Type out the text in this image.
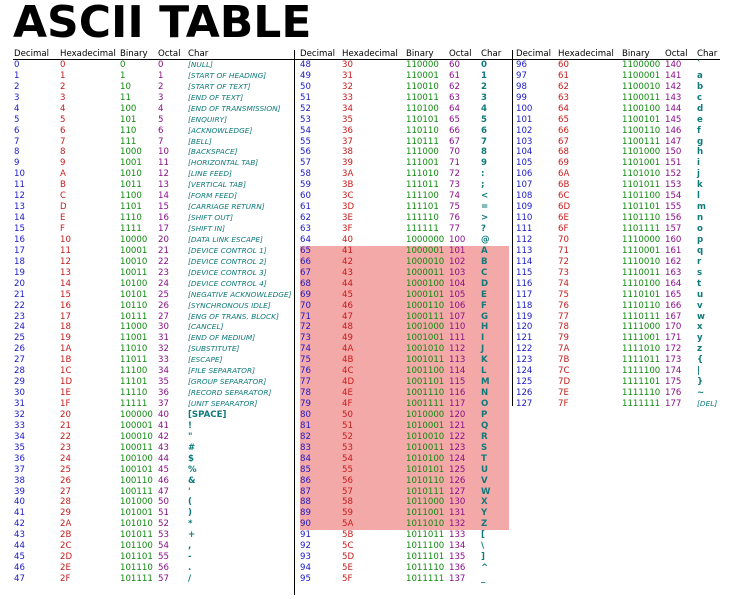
ASCII TABLE
Decimal	Hexadecimal Binary	Octal Char
0	0	0	0	[NULL]
1	1	1	1	[START OF HEADING]
2	2	10	2	[START OF TEXT]
3	3	11	3	[END OF TEXT]
4	4	100	4	[END OF TRANSMISSION]
5	5	101	5	[ENQUIRY]
6	6	110	6	[ACKNOWLEDGE]
7	7	111	7	[BELL]
8	8	1000	10	[BACKSPACE]
9	9	1001	11	[HORIZONTAL TAB]
10	A	1010	12	[LINE FEED]
11	B	1011	13	[VERTICAL TAB]
12	C	1100	14	[FORM FEED]
13	D	1101	15	[CARRIAGE RETURN]
14	E	1110	16	[SHIFT OUT]
15	F	1111	17	[SHIFT IN]
16	10	10000	20	[DATA LINK ESCAPE]
17	11	10001	21	[DEVICE CONTROL 1]
18	12	10010	22	[DEVICE CONTROL 2]
19	13	10011	23	[DEVICE CONTROL 3]
20	14	10100	24	[DEVICE CONTROL 4]
21	15	10101	25	[NEGATIVE ACKNOWLEDGE]
22	16	10110	26	[SYNCHRONOUS IDLE]
23	17	10111	27	[ENG OF TRANS. BLOCK]
24	18	11000	30	[CANCEL]
25	19	11001	31	[END OF MEDIUM]
26	1A	11010	32	[SUBSTITUTE]
27	1B	11011	33	[ESCAPE]
28	1C	11100	34	[FILE SEPARATOR]
29	1D	11101	35	[GROUP SEPARATOR]
30	1E	11110	36	[RECORD SEPARATOR]
31	1F	11111	37	[UNIT SEPARATOR]
32	20	100000 40	[SPACE]
33	21	100001 41	!
34	22	100010 42	"
35	23	100011 43	#
36	24	100100 44	$
37	25	100101 45	%
38	26	100110 46	&
39	27	100111 47	'
40	28	101000 50	(
41	29	101001 51	)
42	2A	101010 52	*
43	2B	101011 53	+
44	2C	101100 54	,
45	2D	101101 55	-
46	2E	101110 56	.
47	2F	101111 57	/
Decimal Hexadecimal Binary	Octal	Char
48	30	110000	60	0
49	31	110001	61	1
50	32	110010	62	2
51	33	110011	63	3
52	34	110100	64	4
53	35	110101	65	5
54	36	110110	66	6
55	37	110111	67	7
56	38	111000	70	8
57	39	111001	71	9
58	3A	111010	72	:
59	3B	111011	73	;
60	3C	111100	74	<
61	3D	111101	75	=
62	3E	111110	76	>
63	3F	111111	77	?
64	40	1000000 100	@
65	41	1000001 101	A
66	42	1000010 102	B
67	43	1000011 103	C
68	44	1000100 104	D
69	45	1000101 105	E
70	46	1000110 106	F
71	47	1000111 107	G
72	48	1001000 110	H
73	49	1001001 111	I
74	4A	1001010 112	J
75	4B	1001011 113	K
76	4C	1001100 114	L
77	4D	1001101 115	M
78	4E	1001110 116	N
79	4F	1001111 117	O
80	50	1010000 120	P
81	51	1010001 121	Q
82	52	1010010 122	R
83	53	1010011 123	S
84	54	1010100 124	T
85	55	1010101 125	U
86	56	1010110 126	V
87	57	1010111 127	W
88	58	1011000 130	X
89	59	1011001 131	Y
90	5A	1011010 132	Z
91	5B	1011011 133	[
92	5C	1011100 134	\
93	5D	1011101 135	]
94	5E	1011110 136	^
95	5F	1011111 137	_
Decimal Hexadecimal Binary	Octal	Char
96	60	1100000 140	`
97	61	1100001 141	a
98	62	1100010 142	b
99	63	1100011 143	c
100	64	1100100 144	d
101	65	1100101 145	e
102	66	1100110 146	f
103	67	1100111 147	g
104	68	1101000 150	h
105	69	1101001 151	i
106	6A	1101010 152	j
107	6B	1101011 153	k
108	6C	1101100 154	l
109	6D	1101101 155	m
110	6E	1101110 156	n
111	6F	1101111 157	o
112	70	1110000 160	p
113	71	1110001 161	q
114	72	1110010 162	r
115	73	1110011 163	s
116	74	1110100 164	t
117	75	1110101 165	u
118	76	1110110 166	v
119	77	1110111 167	w
120	78	1111000 170	x
121	79	1111001 171	y
122	7A	1111010 172	z
123	7B	1111011 173	{
124	7C	1111100 174	|
125	7D	1111101 175	}
126	7E	1111110 176	~
127	7F	1111111 177	[DEL]
